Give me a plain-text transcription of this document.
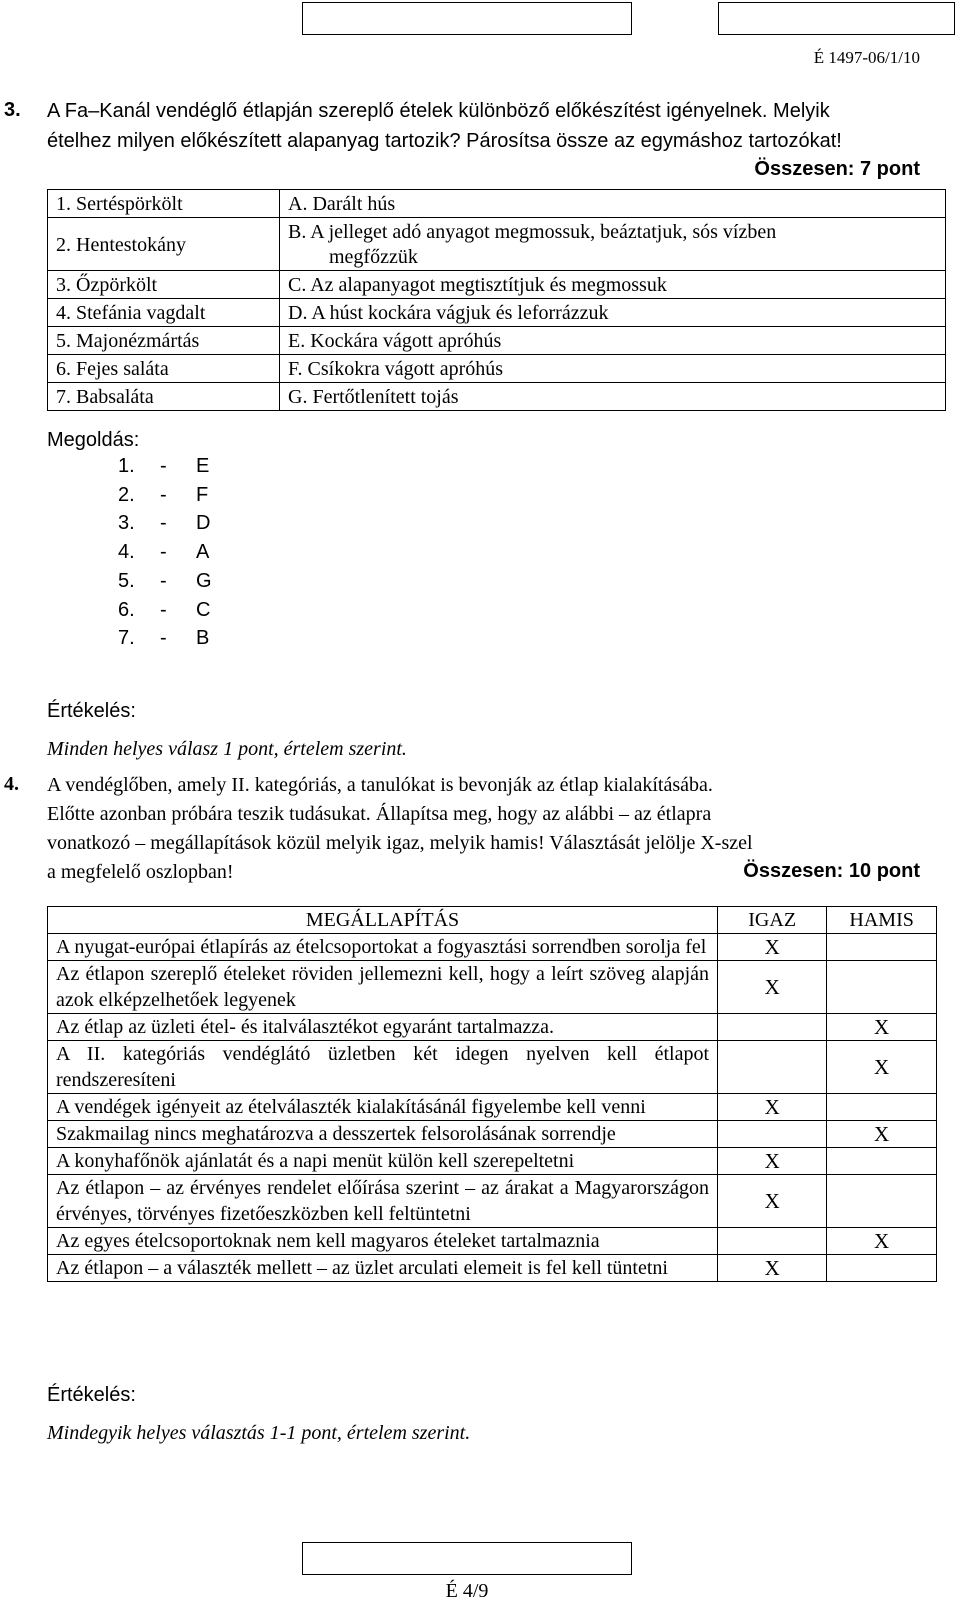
É 1497-06/1/10
3. A Fa–Kanál vendéglő étlapján szereplő ételek különböző előkészítést igényelnek. Melyik
ételhez milyen előkészített alapanyag tartozik? Párosítsa össze az egymáshoz tartozókat!
Összesen: 7 pont
1. Sertéspörkölt	A. Darált hús
2. Hentestokány	B. A jelleget adó anyagot megmossuk, beáztatjuk, sós vízben
megfőzzük

3. Őzpörkölt	C. Az alapanyagot megtisztítjuk és megmossuk
4. Stefánia vagdalt	D. A húst kockára vágjuk és leforrázzuk
5. Majonézmártás	E. Kockára vágott apróhús
6. Fejes saláta	F. Csíkokra vágott apróhús
7. Babsaláta	G. Fertőtlenített tojás
Megoldás:
1.	-	E
2.	-	F
3.	-	D
4.	-	A
5.	-	G
6.	-	C
7.	-	B
Értékelés:
Minden helyes válasz 1 pont, értelem szerint.
4. A vendéglőben, amely II. kategóriás, a tanulókat is bevonják az étlap kialakításába.
Előtte azonban próbára teszik tudásukat. Állapítsa meg, hogy az alábbi – az étlapra
vonatkozó – megállapítások közül melyik igaz, melyik hamis! Választását jelölje X-szel
a megfelelő oszlopban!	Összesen: 10 pont
MEGÁLLAPÍTÁS	IGAZ	HAMIS
A nyugat-európai étlapírás az ételcsoportokat a fogyasztási sorrendben sorolja fel	X	
Az étlapon szereplő ételeket röviden jellemezni kell, hogy a leírt szöveg alapján azok elképzelhetőek legyenek	X	
Az étlap az üzleti étel- és italválasztékot egyaránt tartalmazza.		X
A II. kategóriás vendéglátó üzletben két idegen nyelven kell étlapot rendszeresíteni		X
A vendégek igényeit az ételválaszték kialakításánál figyelembe kell venni	X	
Szakmailag nincs meghatározva a desszertek felsorolásának sorrendje		X
A konyhafőnök ajánlatát és a napi menüt külön kell szerepeltetni	X	
Az étlapon – az érvényes rendelet előírása szerint – az árakat a Magyarországon érvényes, törvényes fizetőeszközben kell feltüntetni	X	
Az egyes ételcsoportoknak nem kell magyaros ételeket tartalmaznia		X
Az étlapon – a választék mellett – az üzlet arculati elemeit is fel kell tüntetni	X	
Értékelés:
Mindegyik helyes választás 1-1 pont, értelem szerint.
É 4/9
